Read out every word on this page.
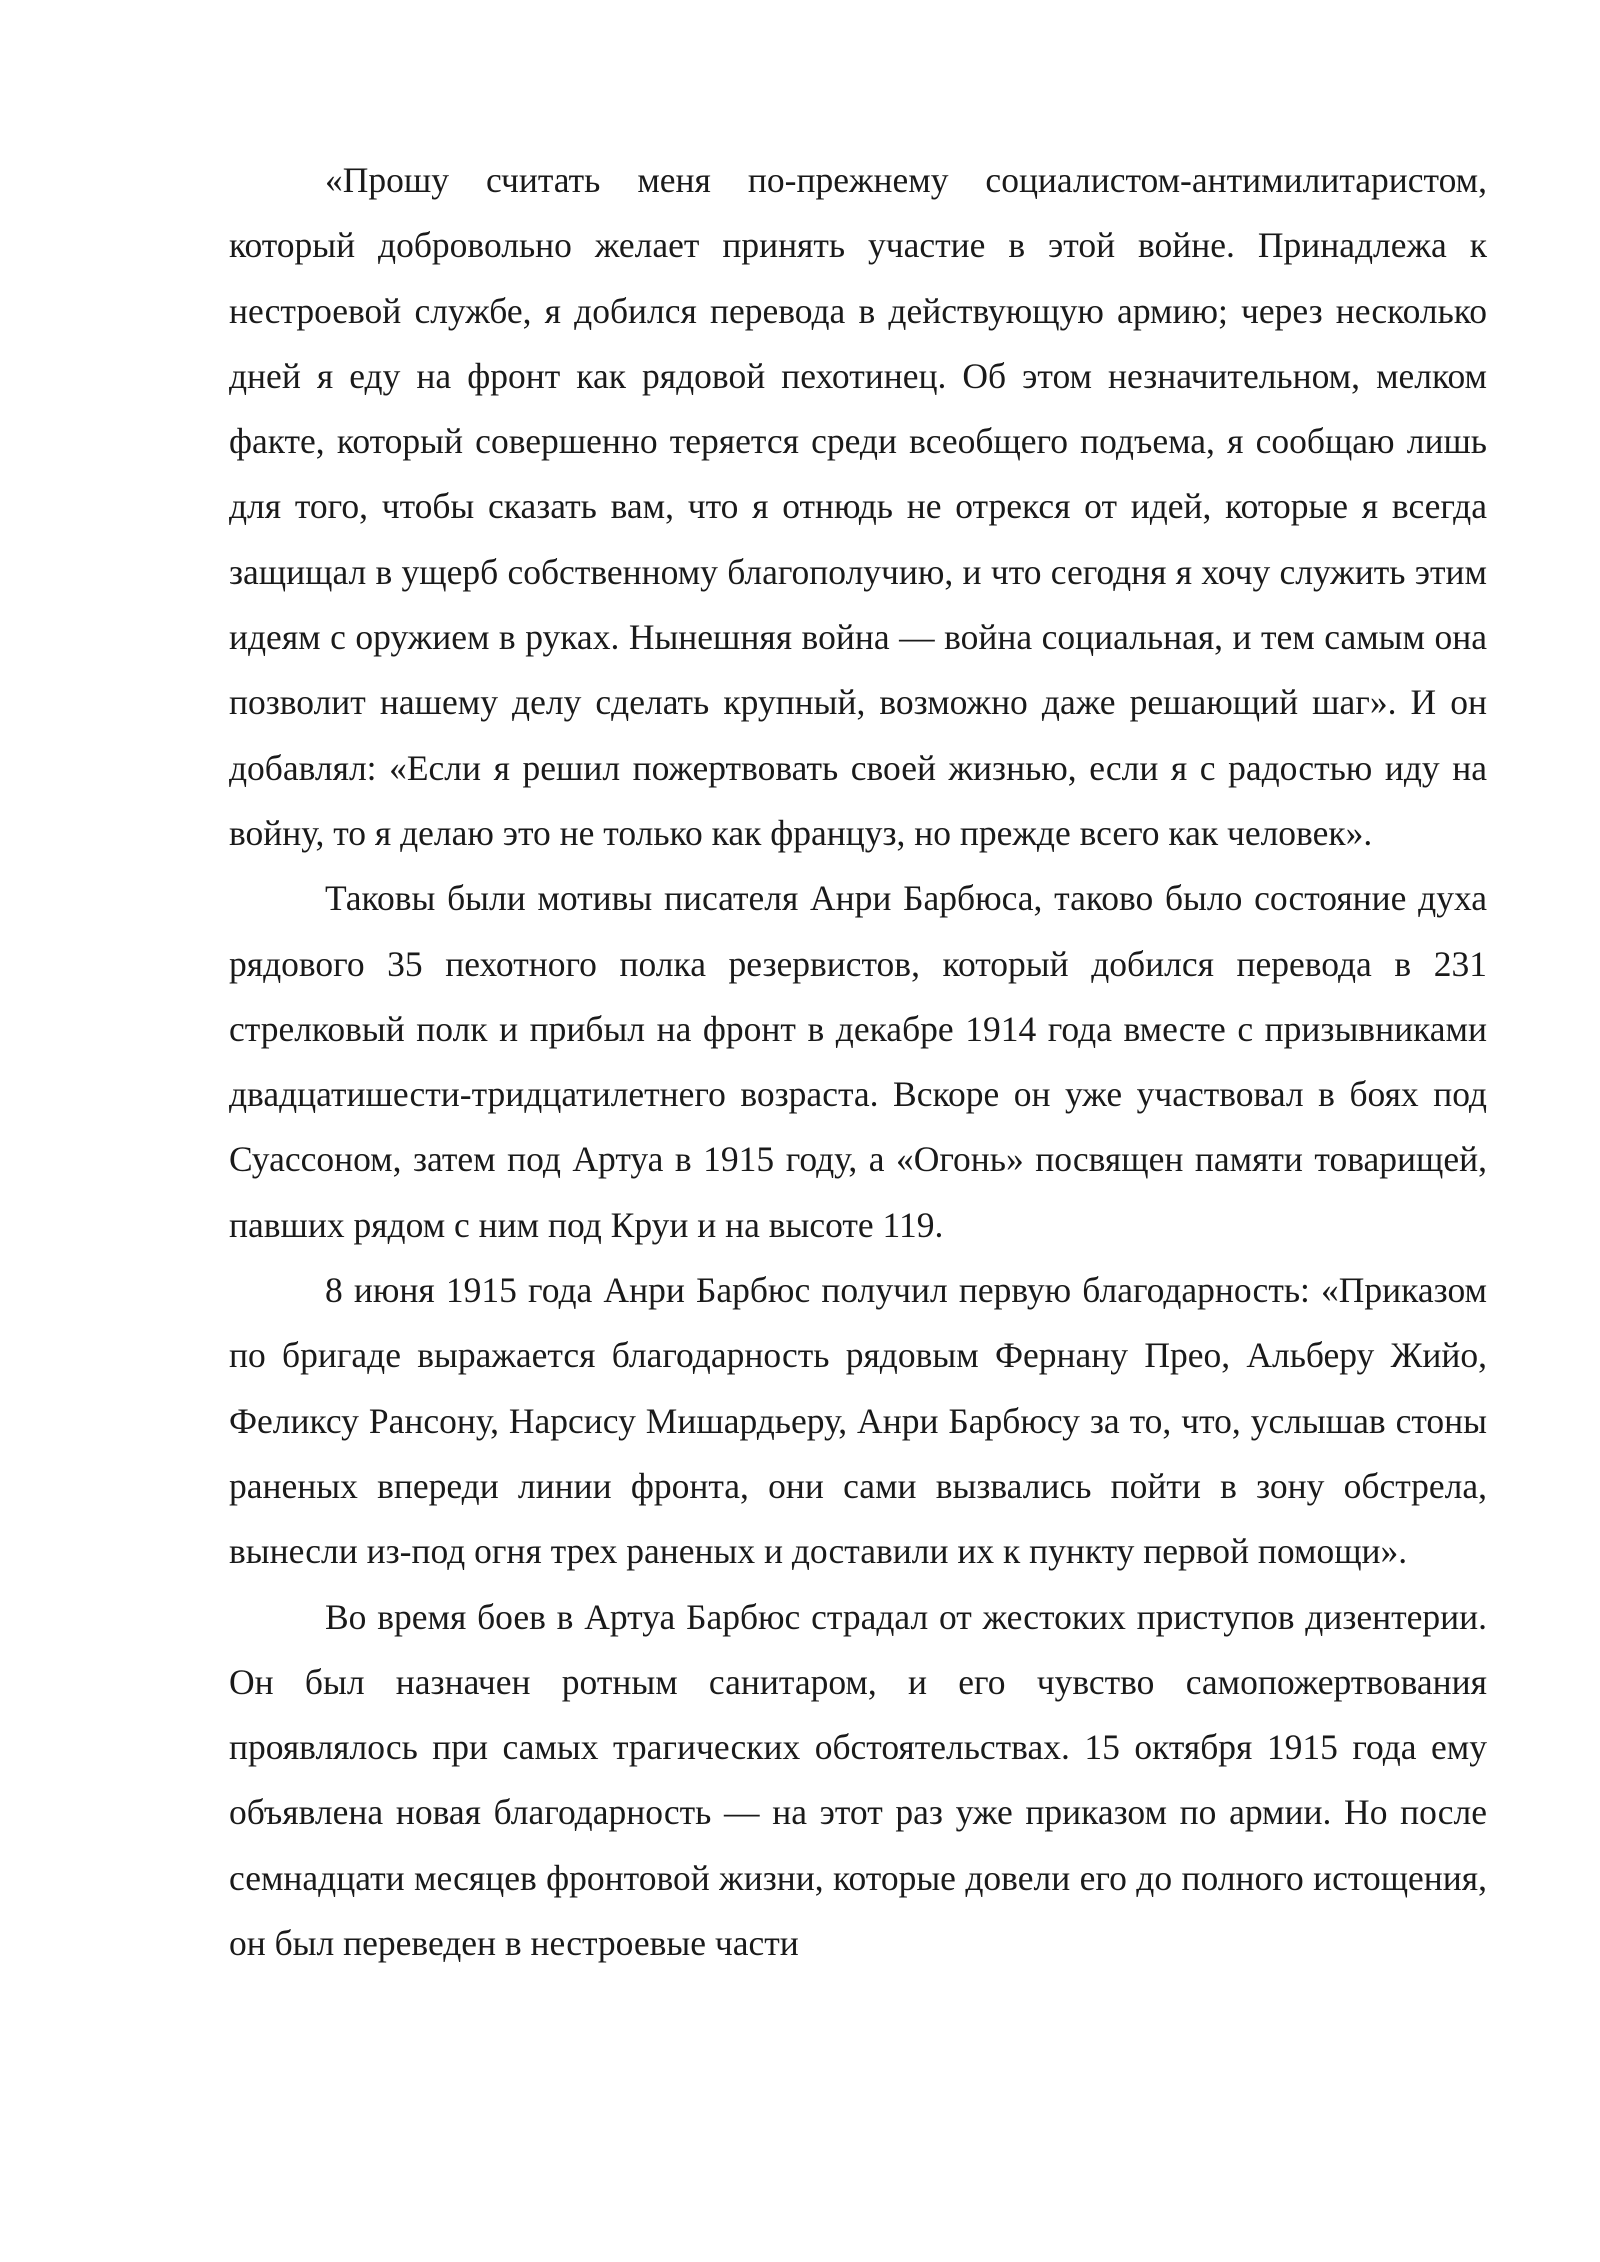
«Прошу считать меня по-прежнему социалистом-антимилитаристом, который добровольно желает принять участие в этой войне. Принадлежа к нестроевой службе, я добился перевода в действующую армию; через несколько дней я еду на фронт как рядовой пехотинец. Об этом незначительном, мелком факте, который совершенно теряется среди всеобщего подъема, я сообщаю лишь для того, чтобы сказать вам, что я отнюдь не отрекся от идей, которые я всегда защищал в ущерб собственному благополучию, и что сегодня я хочу служить этим идеям с оружием в руках. Нынешняя война — война социальная, и тем самым она позволит нашему делу сделать крупный, возможно даже решающий шаг». И он добавлял: «Если я решил пожертвовать своей жизнью, если я с радостью иду на войну, то я делаю это не только как француз, но прежде всего как человек».

Таковы были мотивы писателя Анри Барбюса, таково было состояние духа рядового 35 пехотного полка резервистов, который добился перевода в 231 стрелковый полк и прибыл на фронт в декабре 1914 года вместе с призывниками двадцатишести-тридцатилетнего возраста. Вскоре он уже участвовал в боях под Суассоном, затем под Артуа в 1915 году, а «Огонь» посвящен памяти товарищей, павших рядом с ним под Круи и на высоте 119.

8 июня 1915 года Анри Барбюс получил первую благодарность: «Приказом по бригаде выражается благодарность рядовым Фернану Прео, Альберу Жийо, Феликсу Рансону, Нарсису Мишардьеру, Анри Барбюсу за то, что, услышав стоны раненых впереди линии фронта, они сами вызвались пойти в зону обстрела, вынесли из-под огня трех раненых и доставили их к пункту первой помощи».

Во время боев в Артуа Барбюс страдал от жестоких приступов дизентерии. Он был назначен ротным санитаром, и его чувство самопожертвования проявлялось при самых трагических обстоятельствах. 15 октября 1915 года ему объявлена новая благодарность — на этот раз уже приказом по армии. Но после семнадцати месяцев фронтовой жизни, которые довели его до полного истощения, он был переведен в нестроевые части
